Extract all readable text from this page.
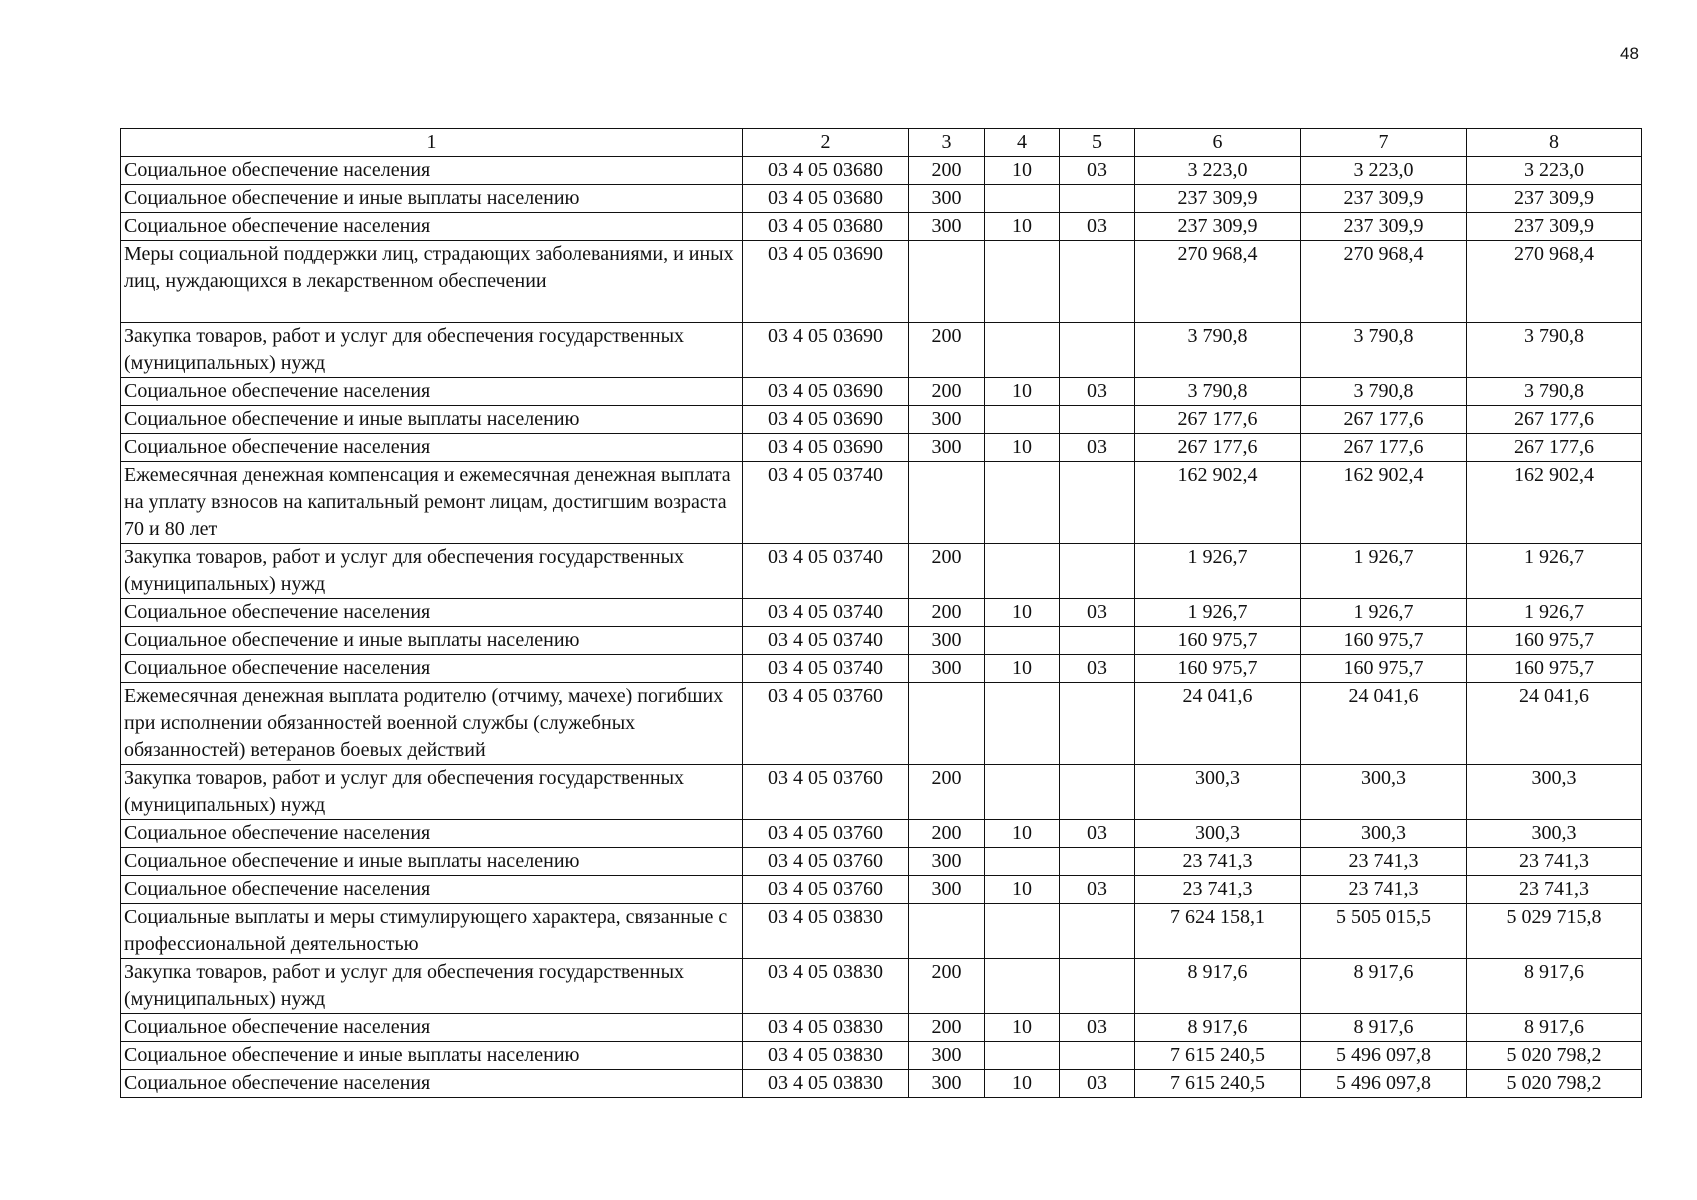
48
1	2	3	4	5	6	7	8
Социальное обеспечение населения	03 4 05 03680	200	10	03	3 223,0	3 223,0	3 223,0
Социальное обеспечение и иные выплаты населению	03 4 05 03680	300			237 309,9	237 309,9	237 309,9
Социальное обеспечение населения	03 4 05 03680	300	10	03	237 309,9	237 309,9	237 309,9
Меры социальной поддержки лиц, страдающих заболеваниями, и иных лиц, нуждающихся в лекарственном обеспечении	03 4 05 03690				270 968,4	270 968,4	270 968,4
Закупка товаров, работ и услуг для обеспечения государственных (муниципальных) нужд	03 4 05 03690	200			3 790,8	3 790,8	3 790,8
Социальное обеспечение населения	03 4 05 03690	200	10	03	3 790,8	3 790,8	3 790,8
Социальное обеспечение и иные выплаты населению	03 4 05 03690	300			267 177,6	267 177,6	267 177,6
Социальное обеспечение населения	03 4 05 03690	300	10	03	267 177,6	267 177,6	267 177,6
Ежемесячная денежная компенсация и ежемесячная денежная выплата на уплату взносов на капитальный ремонт лицам, достигшим возраста 70 и 80 лет	03 4 05 03740				162 902,4	162 902,4	162 902,4
Закупка товаров, работ и услуг для обеспечения государственных (муниципальных) нужд	03 4 05 03740	200			1 926,7	1 926,7	1 926,7
Социальное обеспечение населения	03 4 05 03740	200	10	03	1 926,7	1 926,7	1 926,7
Социальное обеспечение и иные выплаты населению	03 4 05 03740	300			160 975,7	160 975,7	160 975,7
Социальное обеспечение населения	03 4 05 03740	300	10	03	160 975,7	160 975,7	160 975,7
Ежемесячная денежная выплата родителю (отчиму, мачехе) погибших при исполнении обязанностей военной службы (служебных обязанностей) ветеранов боевых действий	03 4 05 03760				24 041,6	24 041,6	24 041,6
Закупка товаров, работ и услуг для обеспечения государственных (муниципальных) нужд	03 4 05 03760	200			300,3	300,3	300,3
Социальное обеспечение населения	03 4 05 03760	200	10	03	300,3	300,3	300,3
Социальное обеспечение и иные выплаты населению	03 4 05 03760	300			23 741,3	23 741,3	23 741,3
Социальное обеспечение населения	03 4 05 03760	300	10	03	23 741,3	23 741,3	23 741,3
Социальные выплаты и меры стимулирующего характера, связанные с профессиональной деятельностью	03 4 05 03830				7 624 158,1	5 505 015,5	5 029 715,8
Закупка товаров, работ и услуг для обеспечения государственных (муниципальных) нужд	03 4 05 03830	200			8 917,6	8 917,6	8 917,6
Социальное обеспечение населения	03 4 05 03830	200	10	03	8 917,6	8 917,6	8 917,6
Социальное обеспечение и иные выплаты населению	03 4 05 03830	300			7 615 240,5	5 496 097,8	5 020 798,2
Социальное обеспечение населения	03 4 05 03830	300	10	03	7 615 240,5	5 496 097,8	5 020 798,2
